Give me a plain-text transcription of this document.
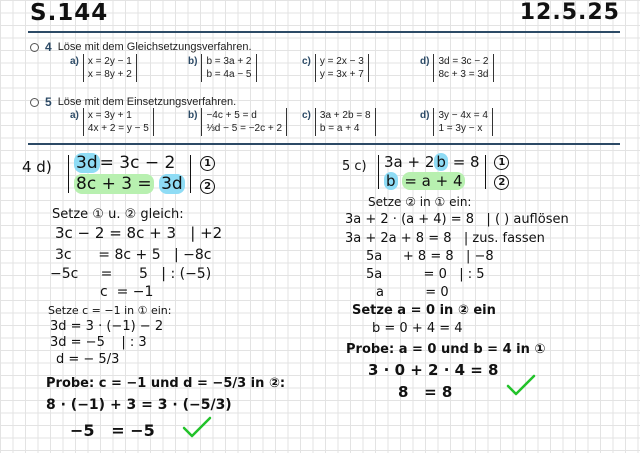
S.144	12.5.25
4 Löse mit dem Gleichsetzungsverfahren.
a) x = 2y − 1
x = 8y + 2
b) b = 3a + 2
b = 4a − 5
c) y = 2x − 3
y = 3x + 7
d) 3d = 3c − 2
8c + 3 = 3d
5 Löse mit dem Einsetzungsverfahren.
a) x = 3y + 1
4x + 2 = y − 5
b) −4c + 5 = d
⅓d − 5 = −2c + 2
c) 3a + 2b = 8
b = a + 4
d) 3y − 4x = 4
1 = 3y − x
4 d) 3d = 3c − 2
8c + 3 = 3d

1
2
Setze ① u. ② gleich:
3c − 2 = 8c + 3   | +2
3c      = 8c + 5   | −8c
−5c     =      5   | : (−5)
c  = −1
Setze c = −1 in ① ein:
3d = 3 · (−1) − 2
3d = −5    | : 3
d = − 5/3
Probe: c = −1 und d = −5/3 in ②:
8 · (−1) + 3 = 3 · (−5/3)
−5   = −5
5 c) 3a + 2 b = 8
b = a + 4

1
2
Setze ② in ① ein:
3a + 2 · (a + 4) = 8   | ( ) auflösen
3a + 2a + 8 = 8   | zus. fassen
5a     + 8 = 8   | −8
5a          = 0   | : 5
a          = 0
Setze a = 0 in ② ein
b = 0 + 4 = 4
Probe: a = 0 und b = 4 in ①
3 · 0 + 2 · 4 = 8
8   = 8
